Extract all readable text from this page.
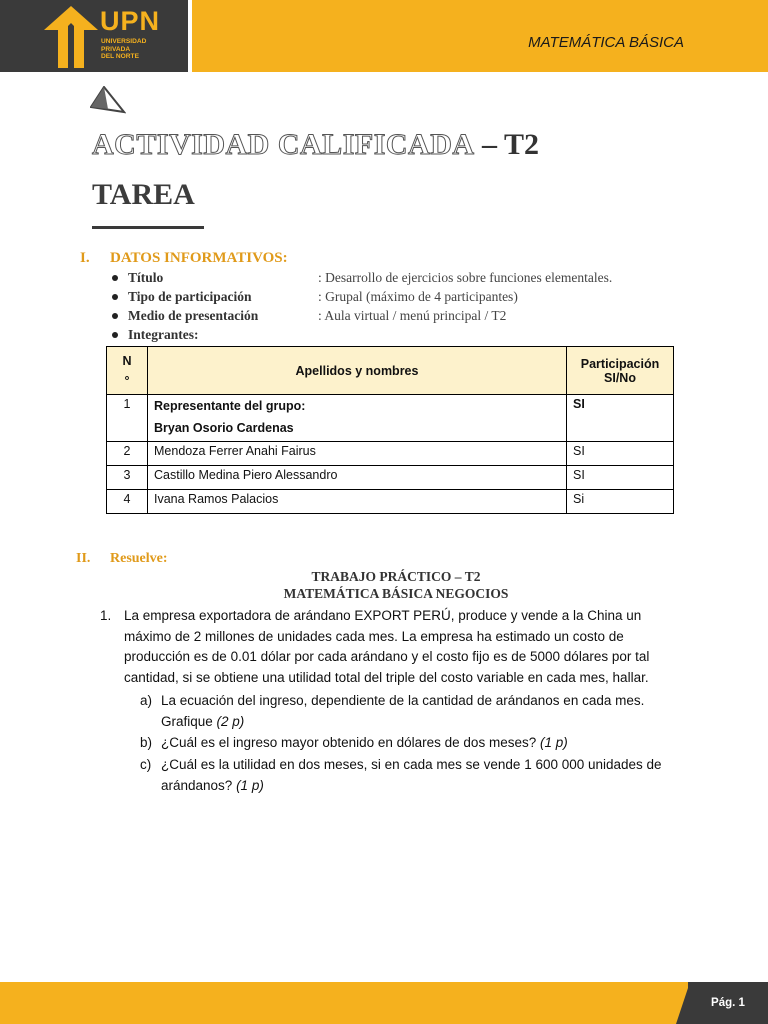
UPN
UNIVERSIDAD
PRIVADA
DEL NORTE
MATEMÁTICA BÁSICA
ACTIVIDAD CALIFICADA – T2
TAREA
I. DATOS INFORMATIVOS:
Título	: Desarrollo de ejercicios sobre funciones elementales.
Tipo de participación	: Grupal (máximo de 4 participantes)
Medio de presentación	: Aula virtual / menú principal / T2
Integrantes:
N
°	Apellidos y nombres	Participación SI/No
1	Representante del grupo:
Bryan Osorio Cardenas	SI
2	Mendoza Ferrer Anahi Fairus	SI
3	Castillo Medina Piero Alessandro	SI
4	Ivana Ramos Palacios	Si
II. Resuelve:
TRABAJO PRÁCTICO – T2
MATEMÁTICA BÁSICA NEGOCIOS
1. La empresa exportadora de arándano EXPORT PERÚ, produce y vende a la China un máximo de 2 millones de unidades cada mes. La empresa ha estimado un costo de producción es de 0.01 dólar por cada arándano y el costo fijo es de 5000 dólares por tal cantidad, si se obtiene una utilidad total del triple del costo variable en cada mes, hallar.
a) La ecuación del ingreso, dependiente de la cantidad de arándanos en cada mes. Grafique (2 p)
b) ¿Cuál es el ingreso mayor obtenido en dólares de dos meses? (1 p)
c) ¿Cuál es la utilidad en dos meses, si en cada mes se vende 1 600 000 unidades de arándanos? (1 p)
Pág. 1
